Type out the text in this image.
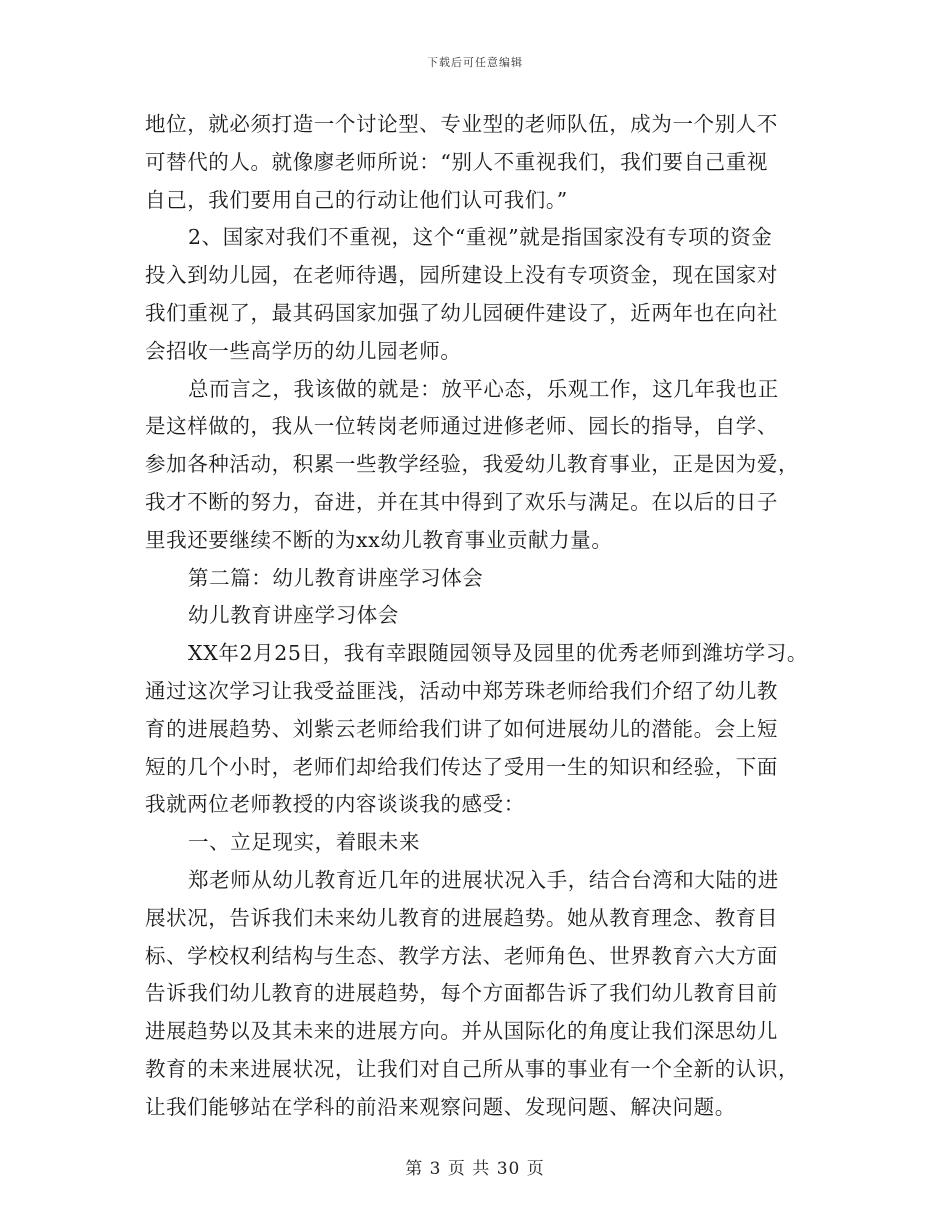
下载后可任意编辑
地位，就必须打造一个讨论型、专业型的老师队伍，成为一个别人不
可替代的人。就像廖老师所说：“别人不重视我们，我们要自己重视
自己，我们要用自己的行动让他们认可我们。”
2、国家对我们不重视，这个“重视”就是指国家没有专项的资金
投入到幼儿园，在老师待遇，园所建设上没有专项资金，现在国家对
我们重视了，最其码国家加强了幼儿园硬件建设了，近两年也在向社
会招收一些高学历的幼儿园老师。
总而言之，我该做的就是：放平心态，乐观工作，这几年我也正
是这样做的，我从一位转岗老师通过进修老师、园长的指导，自学、
参加各种活动，积累一些教学经验，我爱幼儿教育事业，正是因为爱，
我才不断的努力，奋进，并在其中得到了欢乐与满足。在以后的日子
里我还要继续不断的为xx幼儿教育事业贡献力量。
第二篇：幼儿教育讲座学习体会
幼儿教育讲座学习体会
XX年2月25日，我有幸跟随园领导及园里的优秀老师到潍坊学习。
通过这次学习让我受益匪浅，活动中郑芳珠老师给我们介绍了幼儿教
育的进展趋势、刘紫云老师给我们讲了如何进展幼儿的潜能。会上短
短的几个小时，老师们却给我们传达了受用一生的知识和经验，下面
我就两位老师教授的内容谈谈我的感受：
一、立足现实，着眼未来
郑老师从幼儿教育近几年的进展状况入手，结合台湾和大陆的进
展状况，告诉我们未来幼儿教育的进展趋势。她从教育理念、教育目
标、学校权利结构与生态、教学方法、老师角色、世界教育六大方面
告诉我们幼儿教育的进展趋势，每个方面都告诉了我们幼儿教育目前
进展趋势以及其未来的进展方向。并从国际化的角度让我们深思幼儿
教育的未来进展状况，让我们对自己所从事的事业有一个全新的认识，
让我们能够站在学科的前沿来观察问题、发现问题、解决问题。
第 3 页 共 30 页
